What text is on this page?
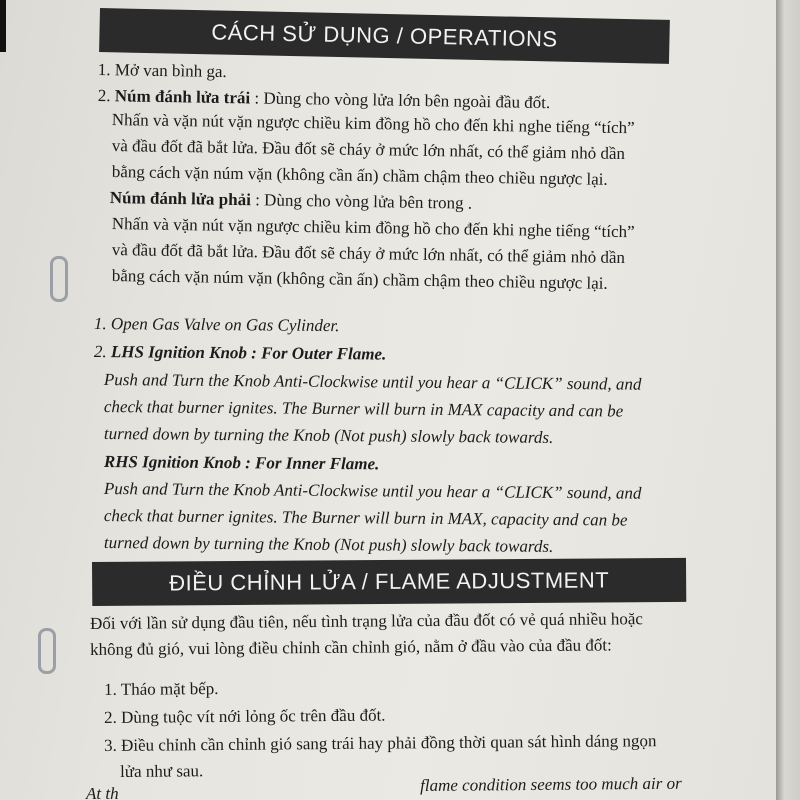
CÁCH SỬ DỤNG / OPERATIONS
1. Mở van bình ga.
2. Núm đánh lửa trái : Dùng cho vòng lửa lớn bên ngoài đầu đốt.
Nhấn và vặn nút vặn ngược chiều kim đồng hồ cho đến khi nghe tiếng “tích”
và đầu đốt đã bắt lửa. Đầu đốt sẽ cháy ở mức lớn nhất, có thể giảm nhỏ dần
bằng cách vặn núm vặn (không cần ấn) chầm chậm theo chiều ngược lại.
Núm đánh lửa phải : Dùng cho vòng lửa bên trong .
Nhấn và vặn nút vặn ngược chiều kim đồng hồ cho đến khi nghe tiếng “tích”
và đầu đốt đã bắt lửa. Đầu đốt sẽ cháy ở mức lớn nhất, có thể giảm nhỏ dần
bằng cách vặn núm vặn (không cần ấn) chầm chậm theo chiều ngược lại.
1. Open Gas Valve on Gas Cylinder.
2. LHS Ignition Knob : For Outer Flame.
Push and Turn the Knob Anti-Clockwise until you hear a “CLICK” sound, and
check that burner ignites. The Burner will burn in MAX capacity and can be
turned down by turning the Knob (Not push) slowly back towards.
RHS Ignition Knob : For Inner Flame.
Push and Turn the Knob Anti-Clockwise until you hear a “CLICK” sound, and
check that burner ignites. The Burner will burn in MAX, capacity and can be
turned down by turning the Knob (Not push) slowly back towards.
ĐIỀU CHỈNH LỬA / FLAME ADJUSTMENT
Đối với lần sử dụng đầu tiên, nếu tình trạng lửa của đầu đốt có vẻ quá nhiều hoặc
không đủ gió, vui lòng điều chỉnh cần chỉnh gió, nằm ở đầu vào của đầu đốt:
1. Tháo mặt bếp.
2. Dùng tuộc vít nới lỏng ốc trên đầu đốt.
3. Điều chỉnh cần chỉnh gió sang trái hay phải đồng thời quan sát hình dáng ngọn
lửa như sau.
At th	flame condition seems too much air or
